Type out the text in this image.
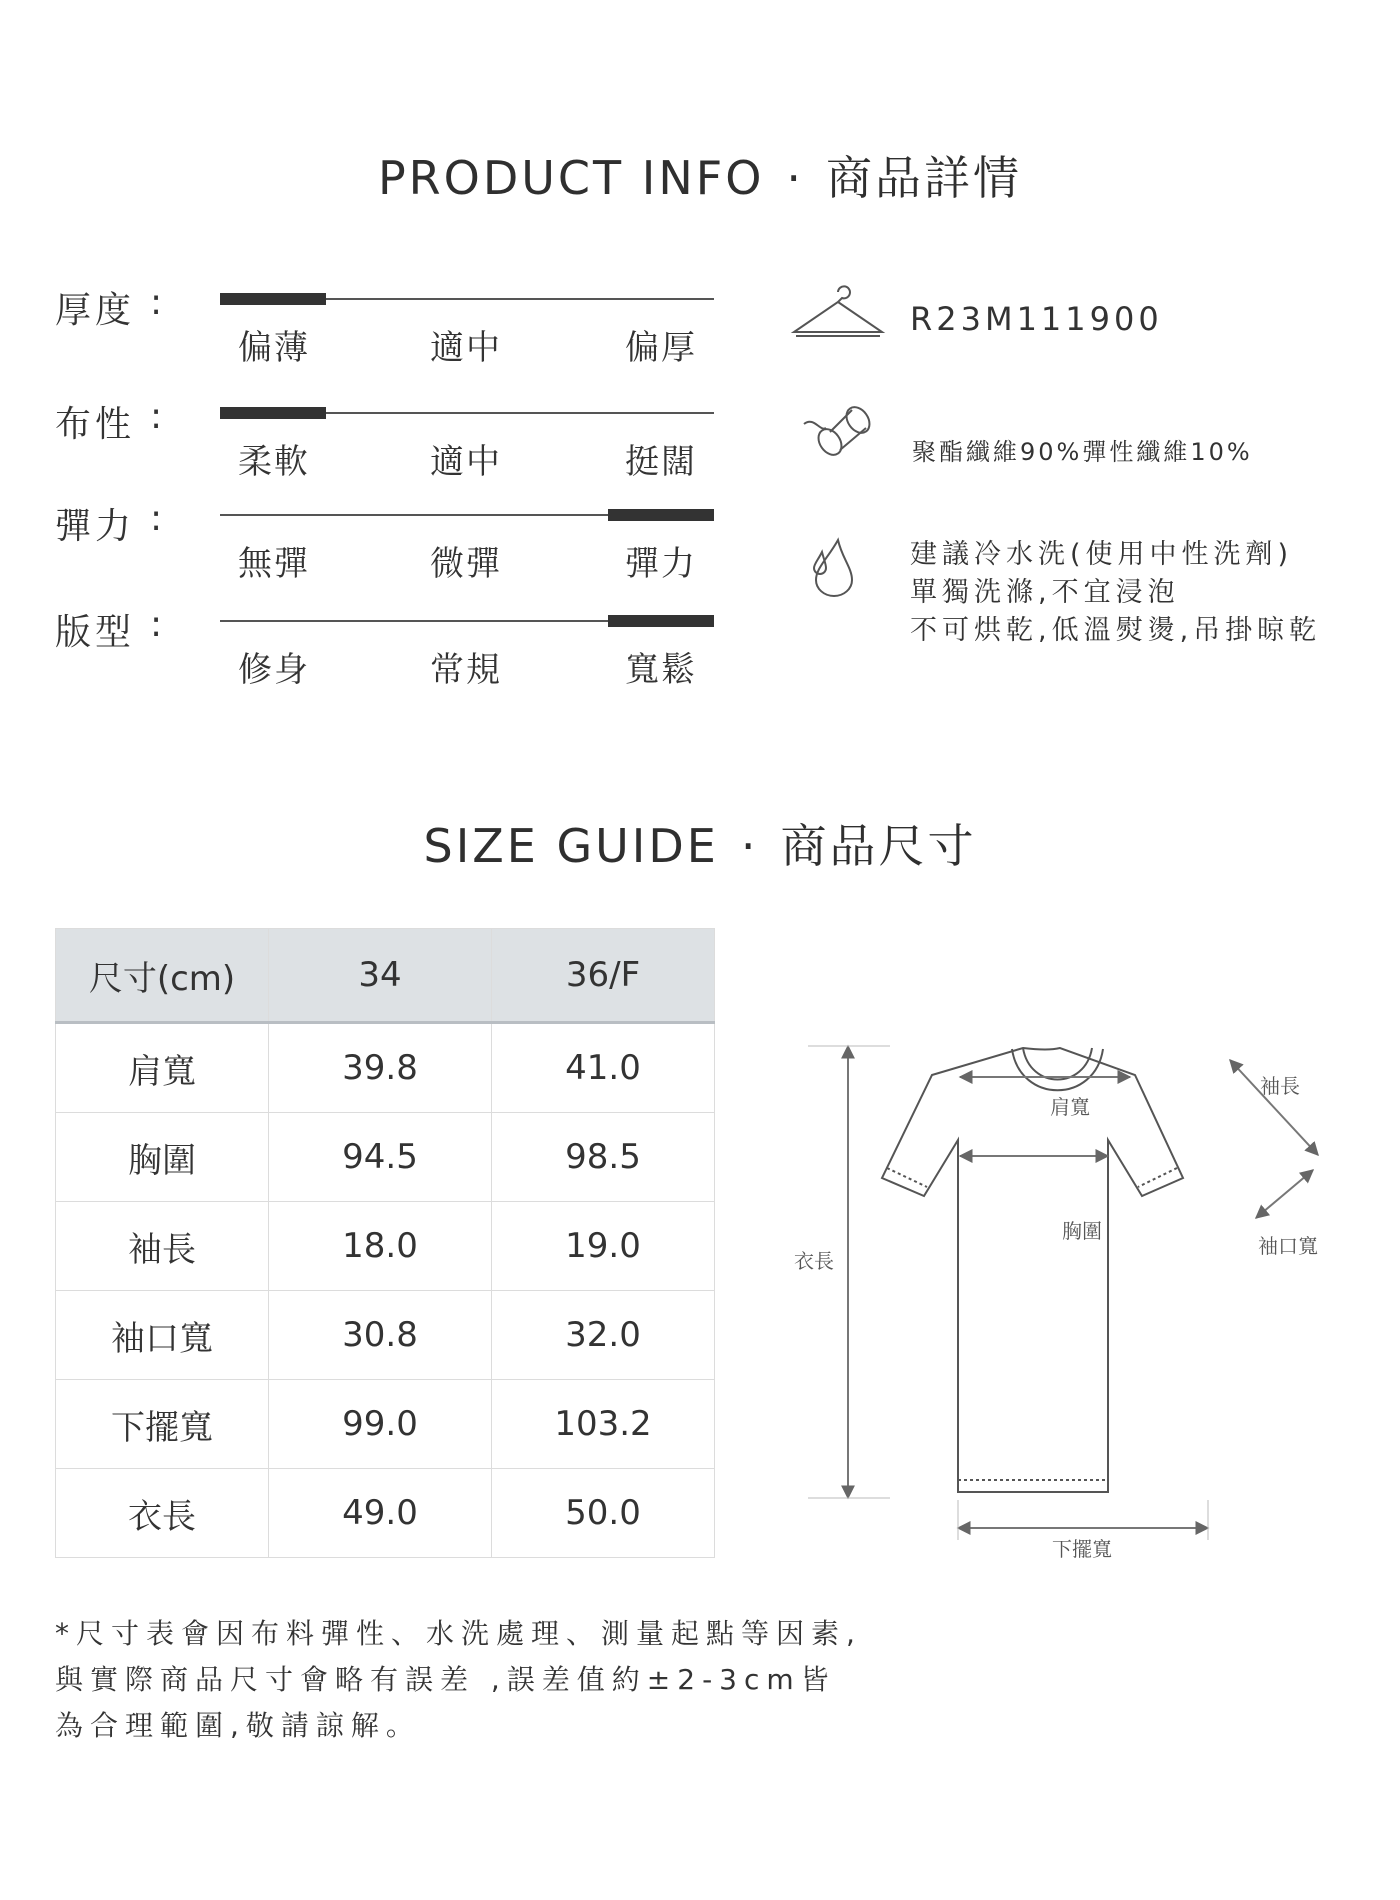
PRODUCT INFO · 商品詳情
厚度 :
偏薄	適中	偏厚
布性 :
柔軟	適中	挺闊
彈力 :
無彈	微彈	彈力
版型 :
修身	常規	寬鬆
R23M111900
聚酯纖維90%彈性纖維10%
建議冷水洗(使用中性洗劑)
單獨洗滌,不宜浸泡
不可烘乾,低溫熨燙,吊掛晾乾
SIZE GUIDE · 商品尺寸
尺寸(cm)	34	36/F
肩寬	39.8	41.0
胸圍	94.5	98.5
袖長	18.0	19.0
袖口寬	30.8	32.0
下擺寬	99.0	103.2
衣長	49.0	50.0
肩寬
胸圍
袖長
袖口寬
衣長
下擺寬
*尺寸表會因布料彈性、水洗處理、測量起點等因素,
與實際商品尺寸會略有誤差 ,誤差值約±2-3cm皆
為合理範圍,敬請諒解。
